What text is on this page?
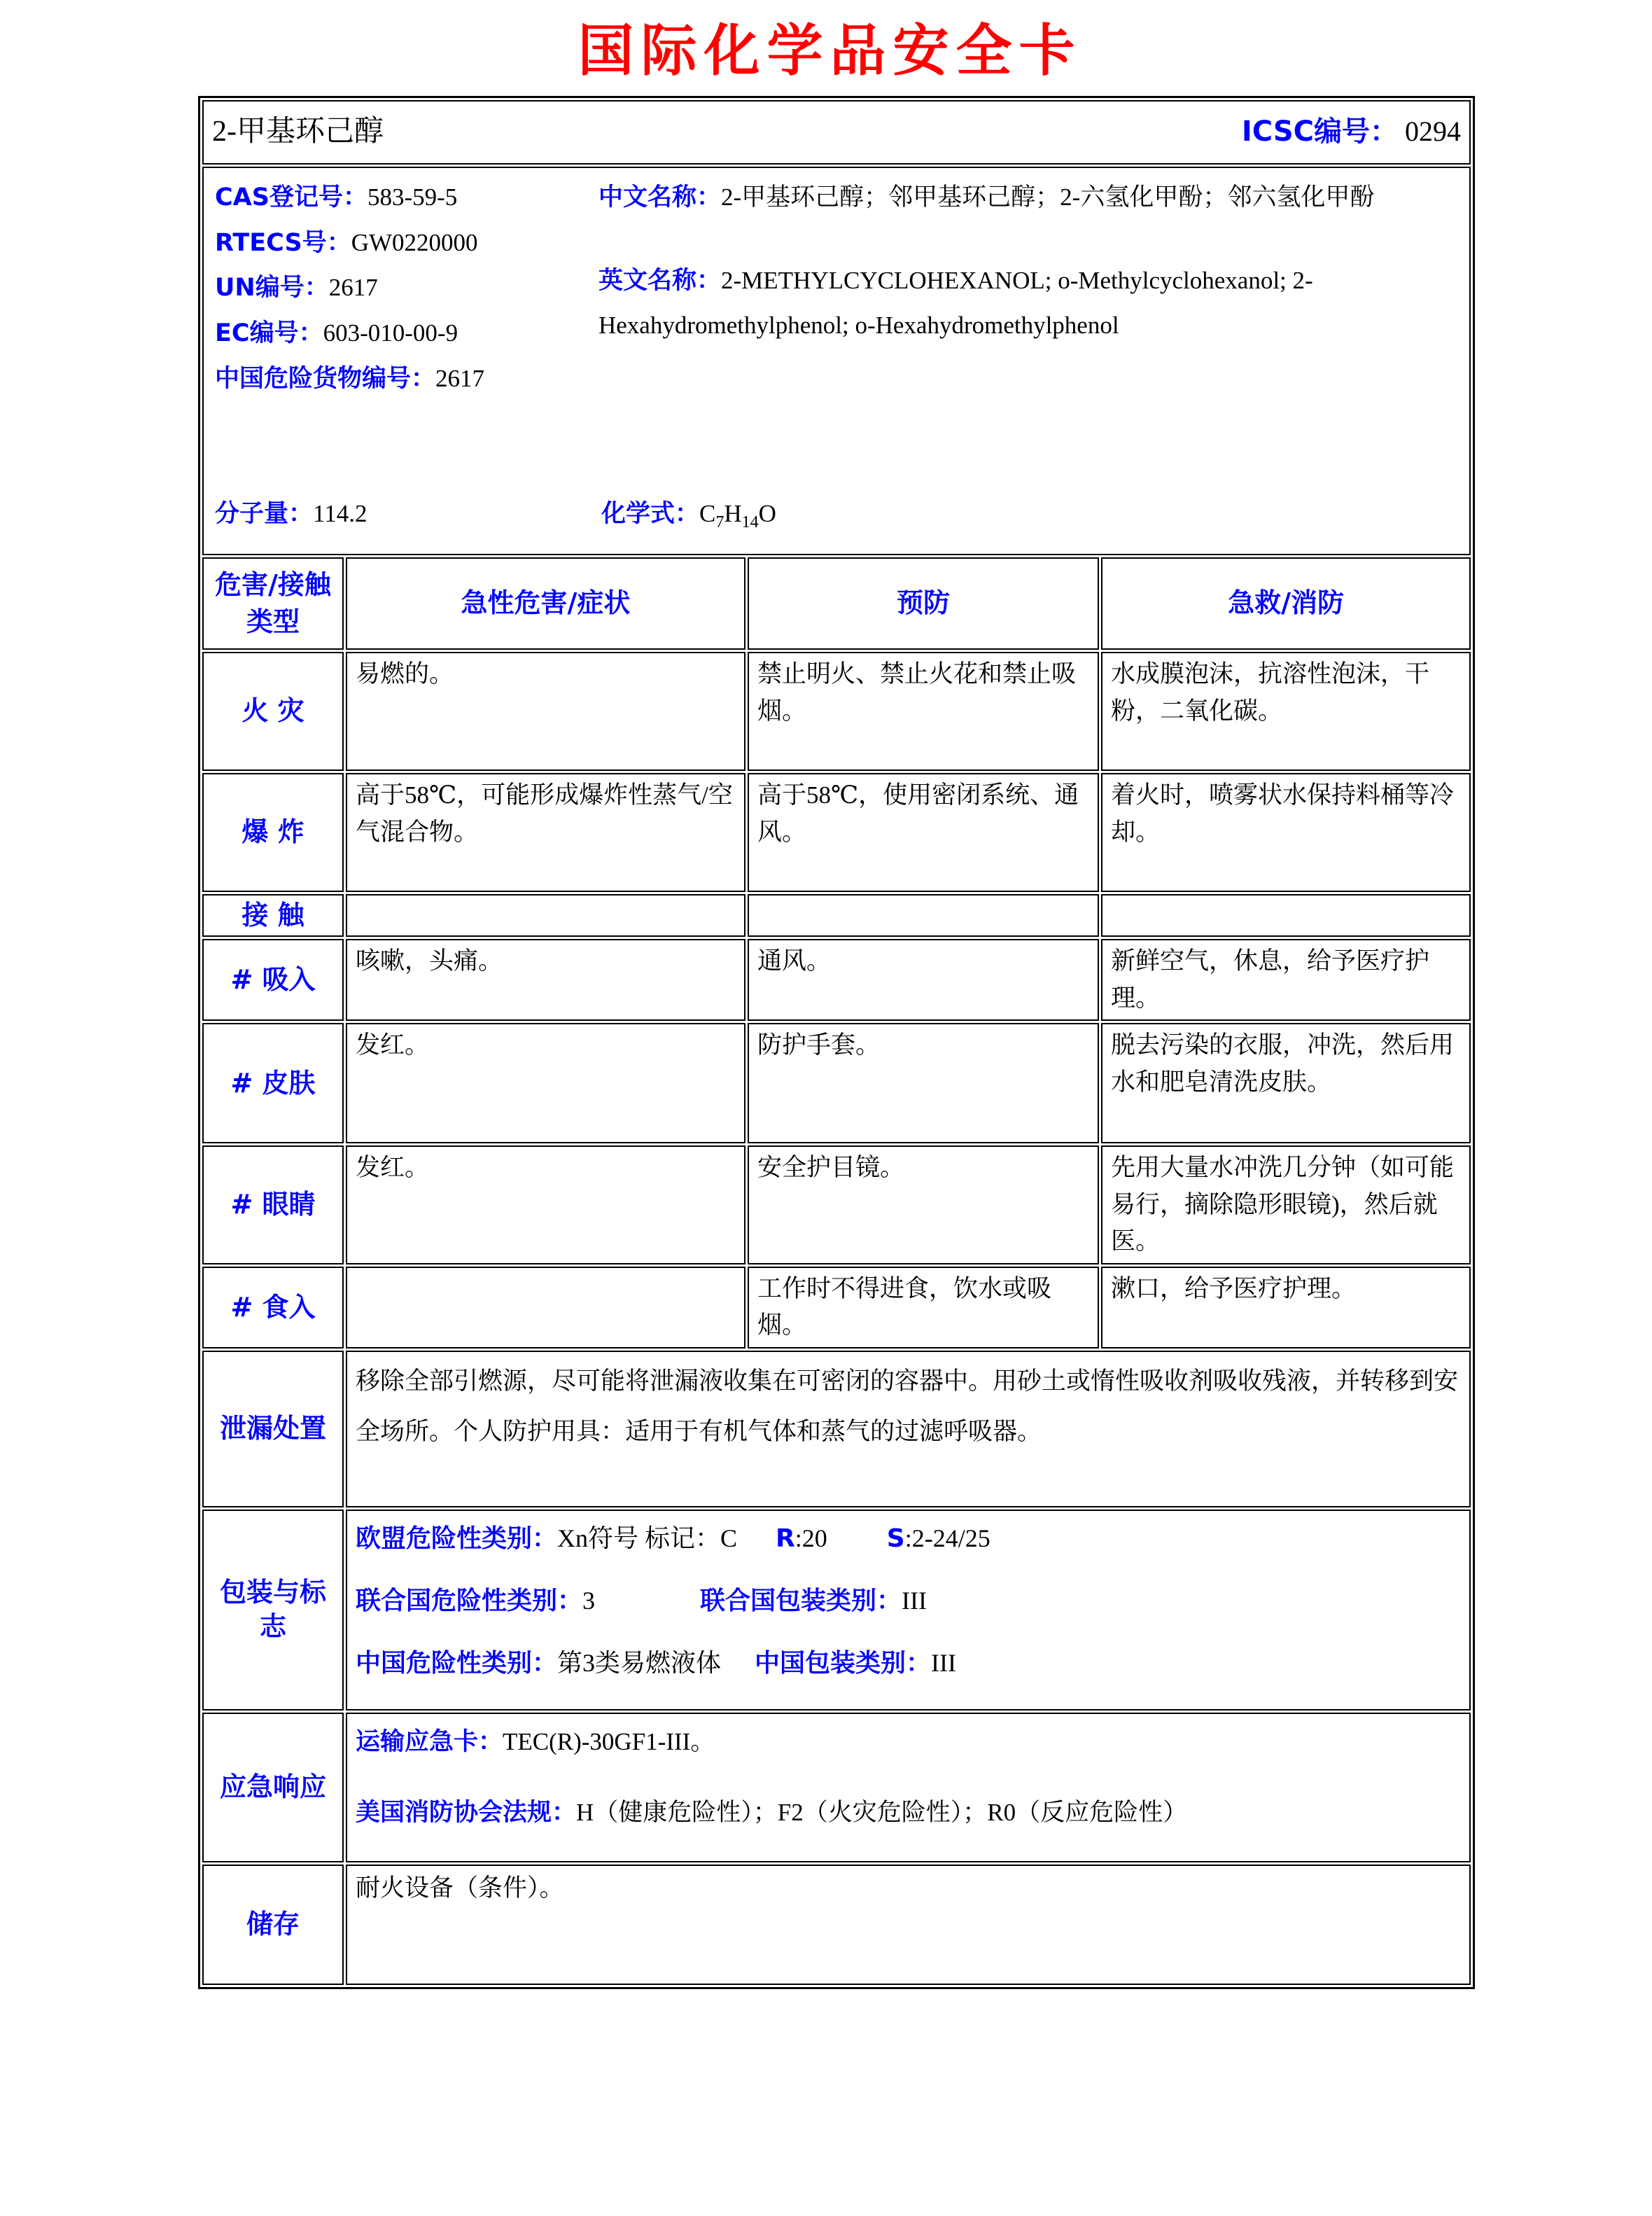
国际化学品安全卡
2-甲基环己醇 ICSC编号： 0294			

CAS登记号：583-59-5
RTECS号：GW0220000
UN编号：2617
EC编号：603-010-00-9
中国危险货物编号：2617

中文名称：2-甲基环己醇；邻甲基环己醇；2-六氢化甲酚；邻六氢化甲酚

英文名称：2-METHYLCYCLOHEXANOL; o-Methylcyclohexanol; 2-Hexahydromethylphenol; o-Hexahydromethylphenol

分子量：114.2	化学式：$C_7H_{14}O$

危害/接触类型	急性危害/症状	预防	急救/消防
火 灾	易燃的。	禁止明火、禁止火花和禁止吸烟。	水成膜泡沫，抗溶性泡沫，干粉，二氧化碳。
爆 炸	高于58℃，可能形成爆炸性蒸气/空气混合物。	高于58℃，使用密闭系统、通风。	着火时，喷雾状水保持料桶等冷却。
接 触			
# 吸入	咳嗽，头痛。	通风。	新鲜空气，休息，给予医疗护理。
# 皮肤	发红。	防护手套。	脱去污染的衣服，冲洗，然后用水和肥皂清洗皮肤。
# 眼睛	发红。	安全护目镜。	先用大量水冲洗几分钟（如可能易行，摘除隐形眼镜)，然后就医。
# 食入		工作时不得进食，饮水或吸烟。	漱口，给予医疗护理。
泄漏处置	移除全部引燃源，尽可能将泄漏液收集在可密闭的容器中。用砂土或惰性吸收剂吸收残液，并转移到安全场所。个人防护用具：适用于有机气体和蒸气的过滤呼吸器。		

包装与标志	欧盟危险性类别：Xn符号 标记：C R:20 S:2-24/25
联合国危险性类别：3 联合国包装类别：III
中国危险性类别：第3类易燃液体 中国包装类别：III		

应急响应	运输应急卡：TEC(R)-30GF1-III。
美国消防协会法规：H（健康危险性）；F2（火灾危险性）；R0（反应危险性）		

储存	耐火设备（条件）。		
